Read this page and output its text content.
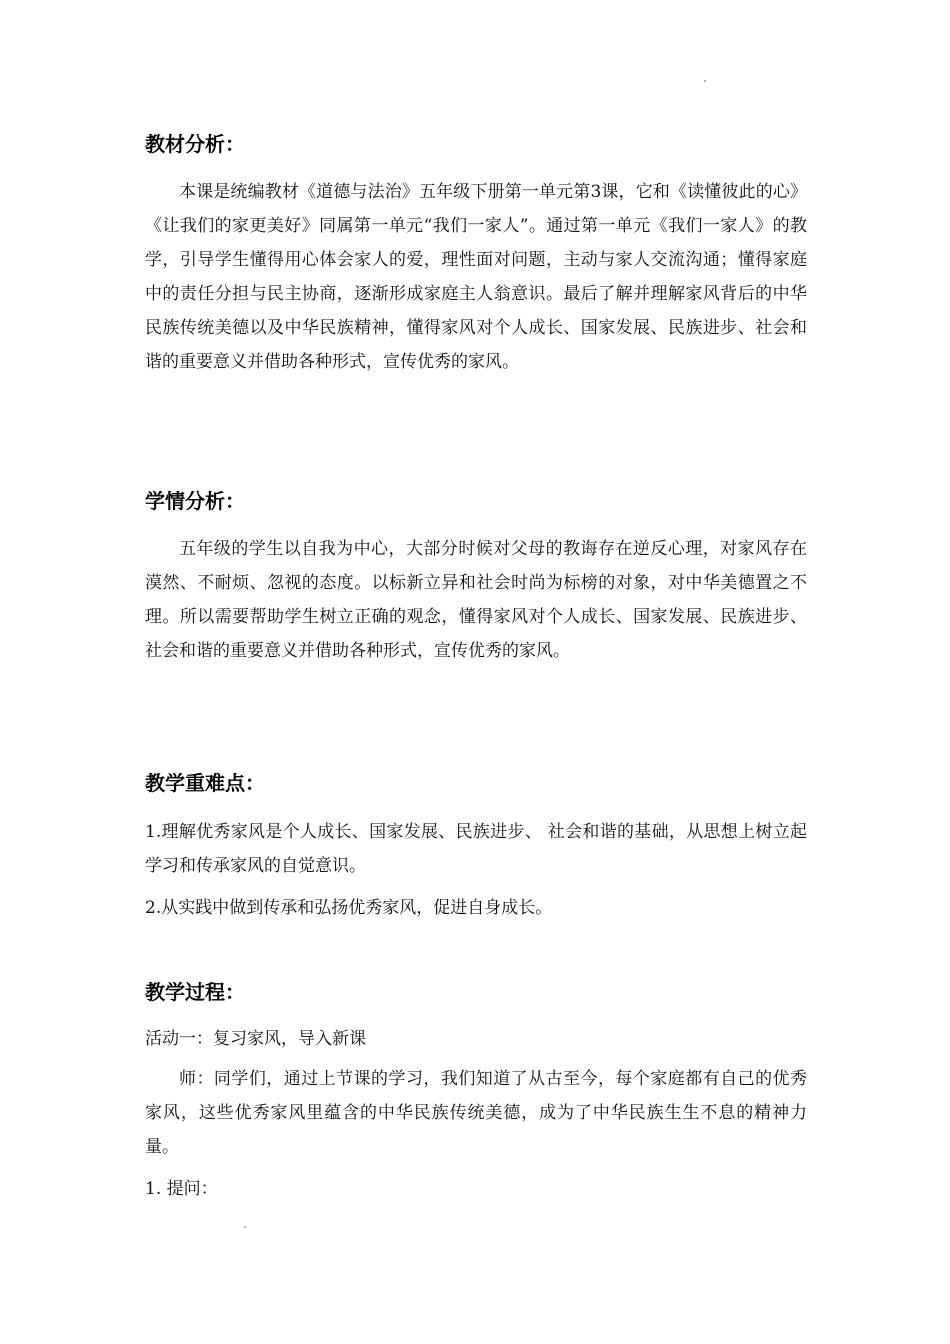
教材分析：

本课是统编教材《道德与法治》五年级下册第一单元第3课，它和《读懂彼此的心》《让我们的家更美好》同属第一单元“我们一家人”。通过第一单元《我们一家人》的教学，引导学生懂得用心体会家人的爱，理性面对问题，主动与家人交流沟通；懂得家庭中的责任分担与民主协商，逐渐形成家庭主人翁意识。最后了解并理解家风背后的中华民族传统美德以及中华民族精神，懂得家风对个人成长、国家发展、民族进步、社会和谐的重要意义并借助各种形式，宣传优秀的家风。

学情分析：

五年级的学生以自我为中心，大部分时候对父母的教诲存在逆反心理，对家风存在漠然、不耐烦、忽视的态度。以标新立异和社会时尚为标榜的对象，对中华美德置之不理。所以需要帮助学生树立正确的观念，懂得家风对个人成长、国家发展、民族进步、社会和谐的重要意义并借助各种形式，宣传优秀的家风。

教学重难点：

1.理解优秀家风是个人成长、国家发展、民族进步、 社会和谐的基础，从思想上树立起学习和传承家风的自觉意识。

2.从实践中做到传承和弘扬优秀家风，促进自身成长。

教学过程：

活动一：复习家风，导入新课

师：同学们，通过上节课的学习，我们知道了从古至今，每个家庭都有自己的优秀家风，这些优秀家风里蕴含的中华民族传统美德，成为了中华民族生生不息的精神力量。

1. 提问：
